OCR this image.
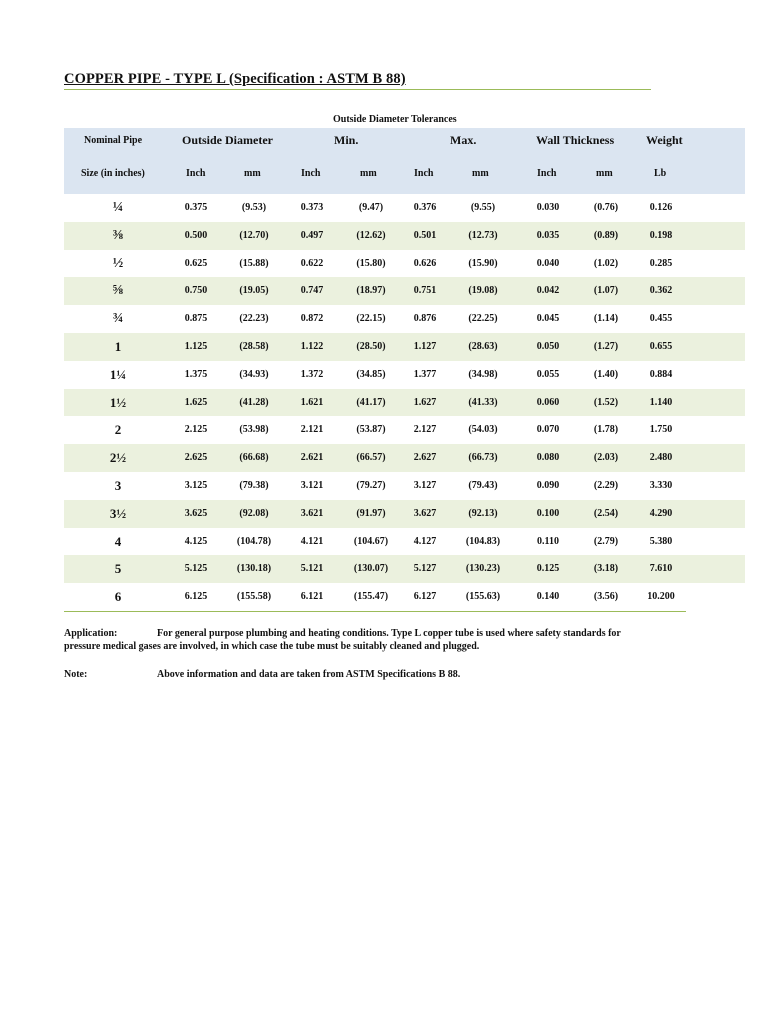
COPPER PIPE - TYPE L (Specification : ASTM B 88)
Outside Diameter Tolerances
Nominal Pipe	Outside Diameter	Min.	Max.	Wall Thickness	Weight
Size (in inches)	Inch	mm	Inch	mm	Inch	mm	Inch	mm	Lb
¼	0.375	(9.53)	0.373	(9.47)	0.376	(9.55)	0.030	(0.76)	0.126
⅜	0.500	(12.70)	0.497	(12.62)	0.501	(12.73)	0.035	(0.89)	0.198
½	0.625	(15.88)	0.622	(15.80)	0.626	(15.90)	0.040	(1.02)	0.285
⅝	0.750	(19.05)	0.747	(18.97)	0.751	(19.08)	0.042	(1.07)	0.362
¾	0.875	(22.23)	0.872	(22.15)	0.876	(22.25)	0.045	(1.14)	0.455
1	1.125	(28.58)	1.122	(28.50)	1.127	(28.63)	0.050	(1.27)	0.655
1¼	1.375	(34.93)	1.372	(34.85)	1.377	(34.98)	0.055	(1.40)	0.884
1½	1.625	(41.28)	1.621	(41.17)	1.627	(41.33)	0.060	(1.52)	1.140
2	2.125	(53.98)	2.121	(53.87)	2.127	(54.03)	0.070	(1.78)	1.750
2½	2.625	(66.68)	2.621	(66.57)	2.627	(66.73)	0.080	(2.03)	2.480
3	3.125	(79.38)	3.121	(79.27)	3.127	(79.43)	0.090	(2.29)	3.330
3½	3.625	(92.08)	3.621	(91.97)	3.627	(92.13)	0.100	(2.54)	4.290
4	4.125	(104.78)	4.121	(104.67)	4.127	(104.83)	0.110	(2.79)	5.380
5	5.125	(130.18)	5.121	(130.07)	5.127	(130.23)	0.125	(3.18)	7.610
6	6.125	(155.58)	6.121	(155.47)	6.127	(155.63)	0.140	(3.56)	10.200
Application:	For general purpose plumbing and heating conditions. Type L copper tube is used where safety standards for
pressure medical gases are involved, in which case the tube must be suitably cleaned and plugged.
Note:	Above information and data are taken from ASTM Specifications B 88.
